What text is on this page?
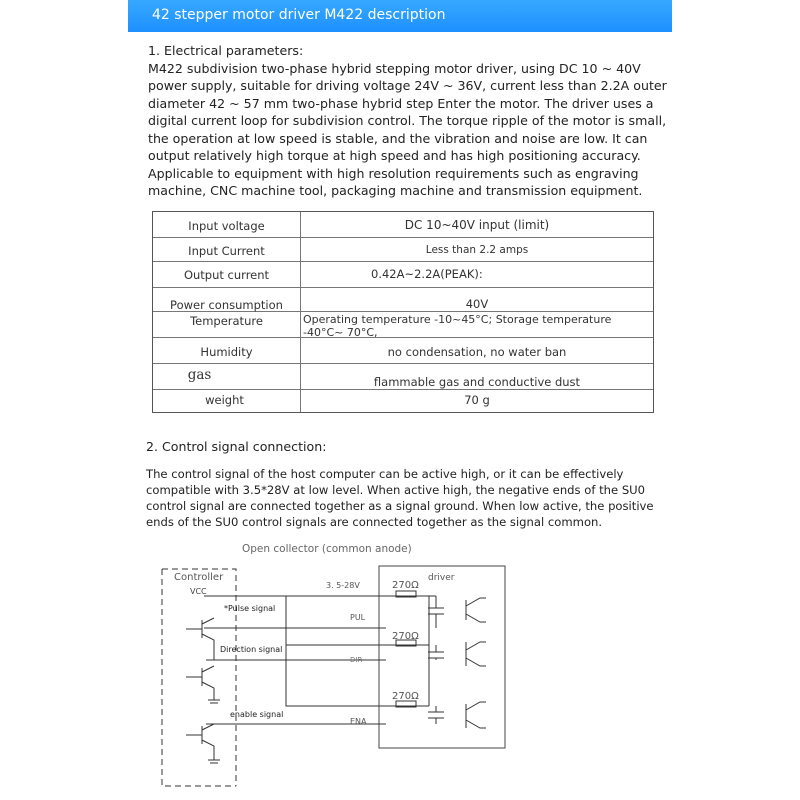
42 stepper motor driver M422 description
1. Electrical parameters:
M422 subdivision two-phase hybrid stepping motor driver, using DC 10 ~ 40V power supply, suitable for driving voltage 24V ~ 36V, current less than 2.2A outer diameter 42 ~ 57 mm two-phase hybrid step Enter the motor. The driver uses a digital current loop for subdivision control. The torque ripple of the motor is small, the operation at low speed is stable, and the vibration and noise are low. It can output relatively high torque at high speed and has high positioning accuracy. Applicable to equipment with high resolution requirements such as engraving machine, CNC machine tool, packaging machine and transmission equipment.
Input voltage	DC 10~40V input (limit)
Input Current	Less than 2.2 amps
Output current	0.42A~2.2A(PEAK):
Power consumption	40V
Temperature	Operating temperature -10~45°C; Storage temperature -40°C~ 70°C,
Humidity	no condensation, no water ban
gas	flammable gas and conductive dust
weight	70 g
2. Control signal connection:
The control signal of the host computer can be active high, or it can be effectively compatible with 3.5*28V at low level. When active high, the negative ends of the SU0 control signal are connected together as a signal ground. When low active, the positive ends of the SU0 control signals are connected together as the signal common.
Open collector (common anode)
Controller
VCC
3. 5-28V
driver
270Ω
270Ω
270Ω
*Pulse signal
Direction signal
enable signal
PUL
DIR
ENA
